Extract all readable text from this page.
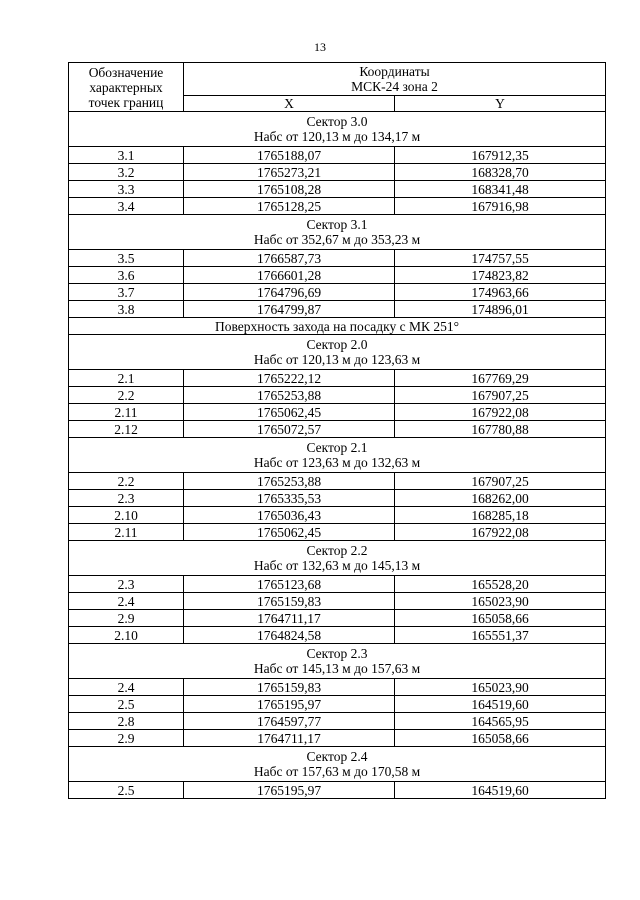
13
Обозначение
характерных
точек границ	Координаты
МСК-24 зона 2	

	X	Y

Сектор 3.0
Набс от 120,13 м до 134,17 м		

3.1	1765188,07	167912,35
3.2	1765273,21	168328,70
3.3	1765108,28	168341,48
3.4	1765128,25	167916,98

Сектор 3.1
Набс от 352,67 м до 353,23 м		

3.5	1766587,73	174757,55
3.6	1766601,28	174823,82
3.7	1764796,69	174963,66
3.8	1764799,87	174896,01
Поверхность захода на посадку с МК 251°		

Сектор 2.0
Набс от 120,13 м до 123,63 м		

2.1	1765222,12	167769,29
2.2	1765253,88	167907,25
2.11	1765062,45	167922,08
2.12	1765072,57	167780,88

Сектор 2.1
Набс от 123,63 м до 132,63 м		

2.2	1765253,88	167907,25
2.3	1765335,53	168262,00
2.10	1765036,43	168285,18
2.11	1765062,45	167922,08

Сектор 2.2
Набс от 132,63 м до 145,13 м		

2.3	1765123,68	165528,20
2.4	1765159,83	165023,90
2.9	1764711,17	165058,66
2.10	1764824,58	165551,37

Сектор 2.3
Набс от 145,13 м до 157,63 м		

2.4	1765159,83	165023,90
2.5	1765195,97	164519,60
2.8	1764597,77	164565,95
2.9	1764711,17	165058,66

Сектор 2.4
Набс от 157,63 м до 170,58 м		

2.5	1765195,97	164519,60
